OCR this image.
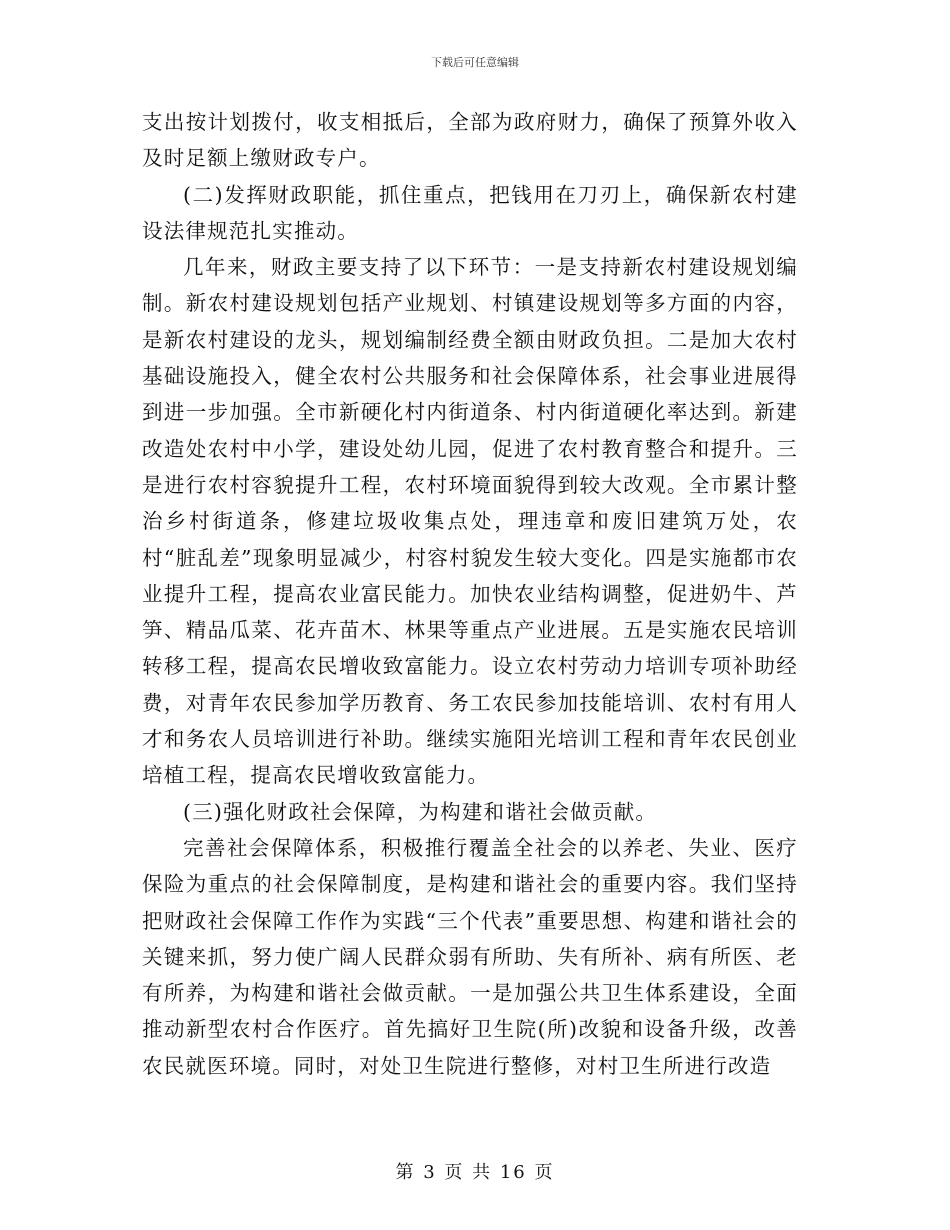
下载后可任意编辑

支出按计划拨付，收支相抵后，全部为政府财力，确保了预算外收入及时足额上缴财政专户。

(二)发挥财政职能，抓住重点，把钱用在刀刃上，确保新农村建设法律规范扎实推动。

几年来，财政主要支持了以下环节：一是支持新农村建设规划编制。新农村建设规划包括产业规划、村镇建设规划等多方面的内容，是新农村建设的龙头，规划编制经费全额由财政负担。二是加大农村基础设施投入，健全农村公共服务和社会保障体系，社会事业进展得到进一步加强。全市新硬化村内街道条、村内街道硬化率达到。新建改造处农村中小学，建设处幼儿园，促进了农村教育整合和提升。三是进行农村容貌提升工程，农村环境面貌得到较大改观。全市累计整治乡村街道条，修建垃圾收集点处，理违章和废旧建筑万处，农村“脏乱差”现象明显减少，村容村貌发生较大变化。四是实施都市农业提升工程，提高农业富民能力。加快农业结构调整，促进奶牛、芦笋、精品瓜菜、花卉苗木、林果等重点产业进展。五是实施农民培训转移工程，提高农民增收致富能力。设立农村劳动力培训专项补助经费，对青年农民参加学历教育、务工农民参加技能培训、农村有用人才和务农人员培训进行补助。继续实施阳光培训工程和青年农民创业培植工程，提高农民增收致富能力。

(三)强化财政社会保障，为构建和谐社会做贡献。

完善社会保障体系，积极推行覆盖全社会的以养老、失业、医疗保险为重点的社会保障制度，是构建和谐社会的重要内容。我们坚持把财政社会保障工作作为实践“三个代表”重要思想、构建和谐社会的关键来抓，努力使广阔人民群众弱有所助、失有所补、病有所医、老有所养，为构建和谐社会做贡献。一是加强公共卫生体系建设，全面推动新型农村合作医疗。首先搞好卫生院(所)改貌和设备升级，改善农民就医环境。同时，对处卫生院进行整修，对村卫生所进行改造

第 3 页 共 16 页
